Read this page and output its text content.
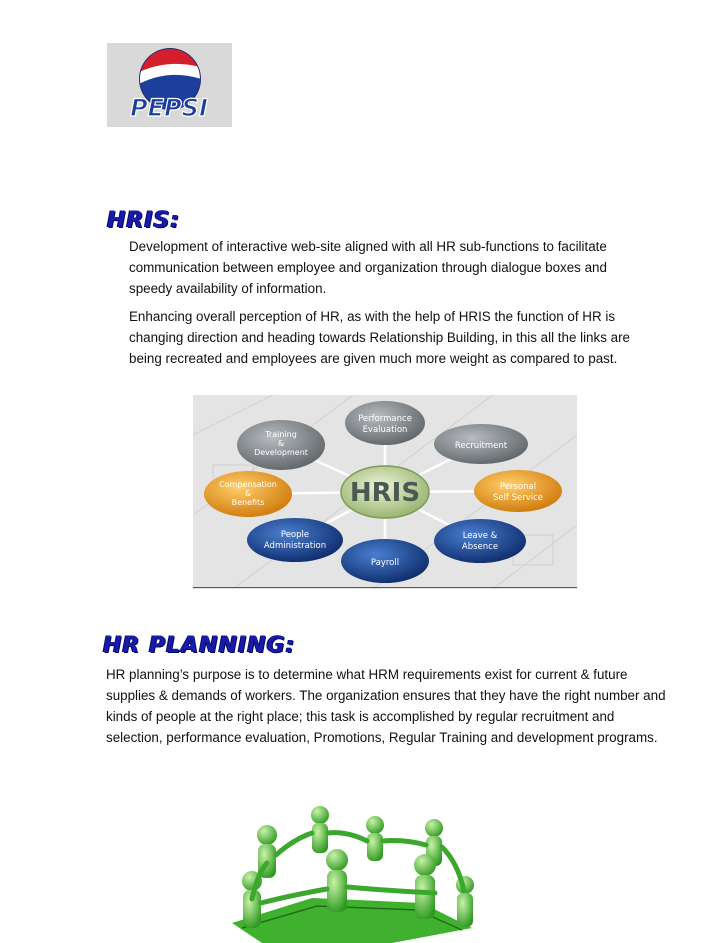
PEPSI
HRIS:

Development of interactive web-site aligned with all HR sub-functions to facilitate communication between employee and organization through dialogue boxes and speedy availability of information.

Enhancing overall perception of HR, as with the help of HRIS the function of HR is changing direction and heading towards Relationship Building, in this all the links are being recreated and employees are given much more weight as compared to past.

HRIS
Performance
Evaluation
Recruitment
Personal
Self Service
Leave &
Absence
Payroll
People
Administration
Compensation
&
Benefits
Training
&
Development
HR PLANNING:

HR planning’s purpose is to determine what HRM requirements exist for current & future supplies & demands of workers. The organization ensures that they have the right number and kinds of people at the right place; this task is accomplished by regular recruitment and selection, performance evaluation, Promotions, Regular Training and development programs.
